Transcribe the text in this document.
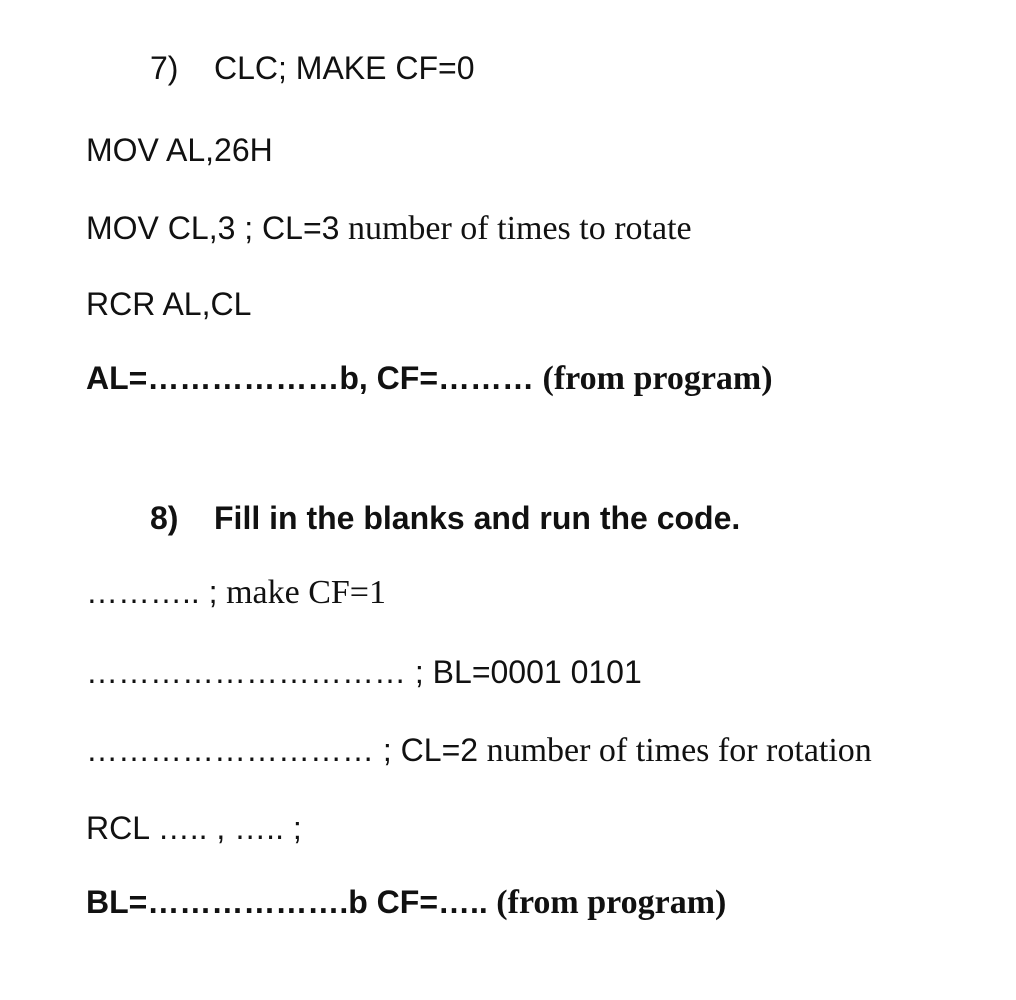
7) CLC; MAKE CF=0
MOV AL,26H
MOV CL,3 ; CL=3 number of times to rotate
RCR AL,CL
AL=………………b, CF=……… (from program)
8) Fill in the blanks and run the code.
……….. ; make CF=1
………………………… ; BL=0001 0101
……………………… ; CL=2 number of times for rotation
RCL ….. , ….. ;
BL=……………….b CF=….. (from program)
